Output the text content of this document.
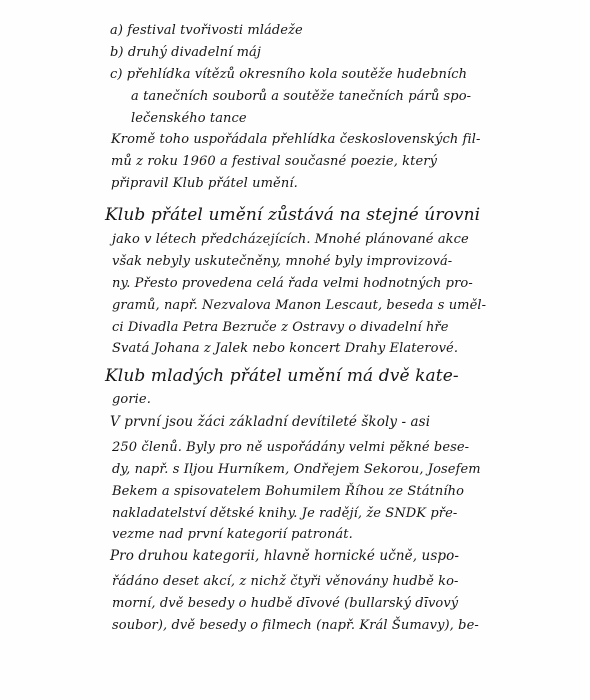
a) festival tvořivosti mládeže
b) druhý divadelní máj
c) přehlídka vítězů okresního kola soutěže hudebních
a tanečních souborů a soutěže tanečních párů spo-
lečenského tance
Kromě toho uspořádala přehlídka československých fil-
mů z roku 1960 a festival současné poezie, který
připravil Klub přátel umění.
Klub přátel umění zůstává na stejné úrovni
jako v létech předcházejících. Mnohé plánované akce
však nebyly uskutečněny, mnohé byly improvizová-
ny. Přesto provedena celá řada velmi hodnotných pro-
gramů, např. Nezvalova Manon Lescaut, beseda s uměl-
ci Divadla Petra Bezruče z Ostravy o divadelní hře
Svatá Johana z Jalek nebo koncert Drahy Elaterové.
Klub mladých přátel umění má dvě kate-
gorie.
V první jsou žáci základní devítileté školy - asi
250 členů. Byly pro ně uspořádány velmi pěkné bese-
dy, např. s Iljou Hurníkem, Ondřejem Sekorou, Josefem
Bekem a spisovatelem Bohumilem Říhou ze Státního
nakladatelství dětské knihy. Je radějí, že SNDK pře-
vezme nad první kategorií patronát.
Pro druhou kategorii, hlavně hornické učně, uspo-
řádáno deset akcí, z nichž čtyři věnovány hudbě ko-
morní, dvě besedy o hudbě dīvové (bullarský dīvový
soubor), dvě besedy o filmech (např. Král Šumavy), be-
